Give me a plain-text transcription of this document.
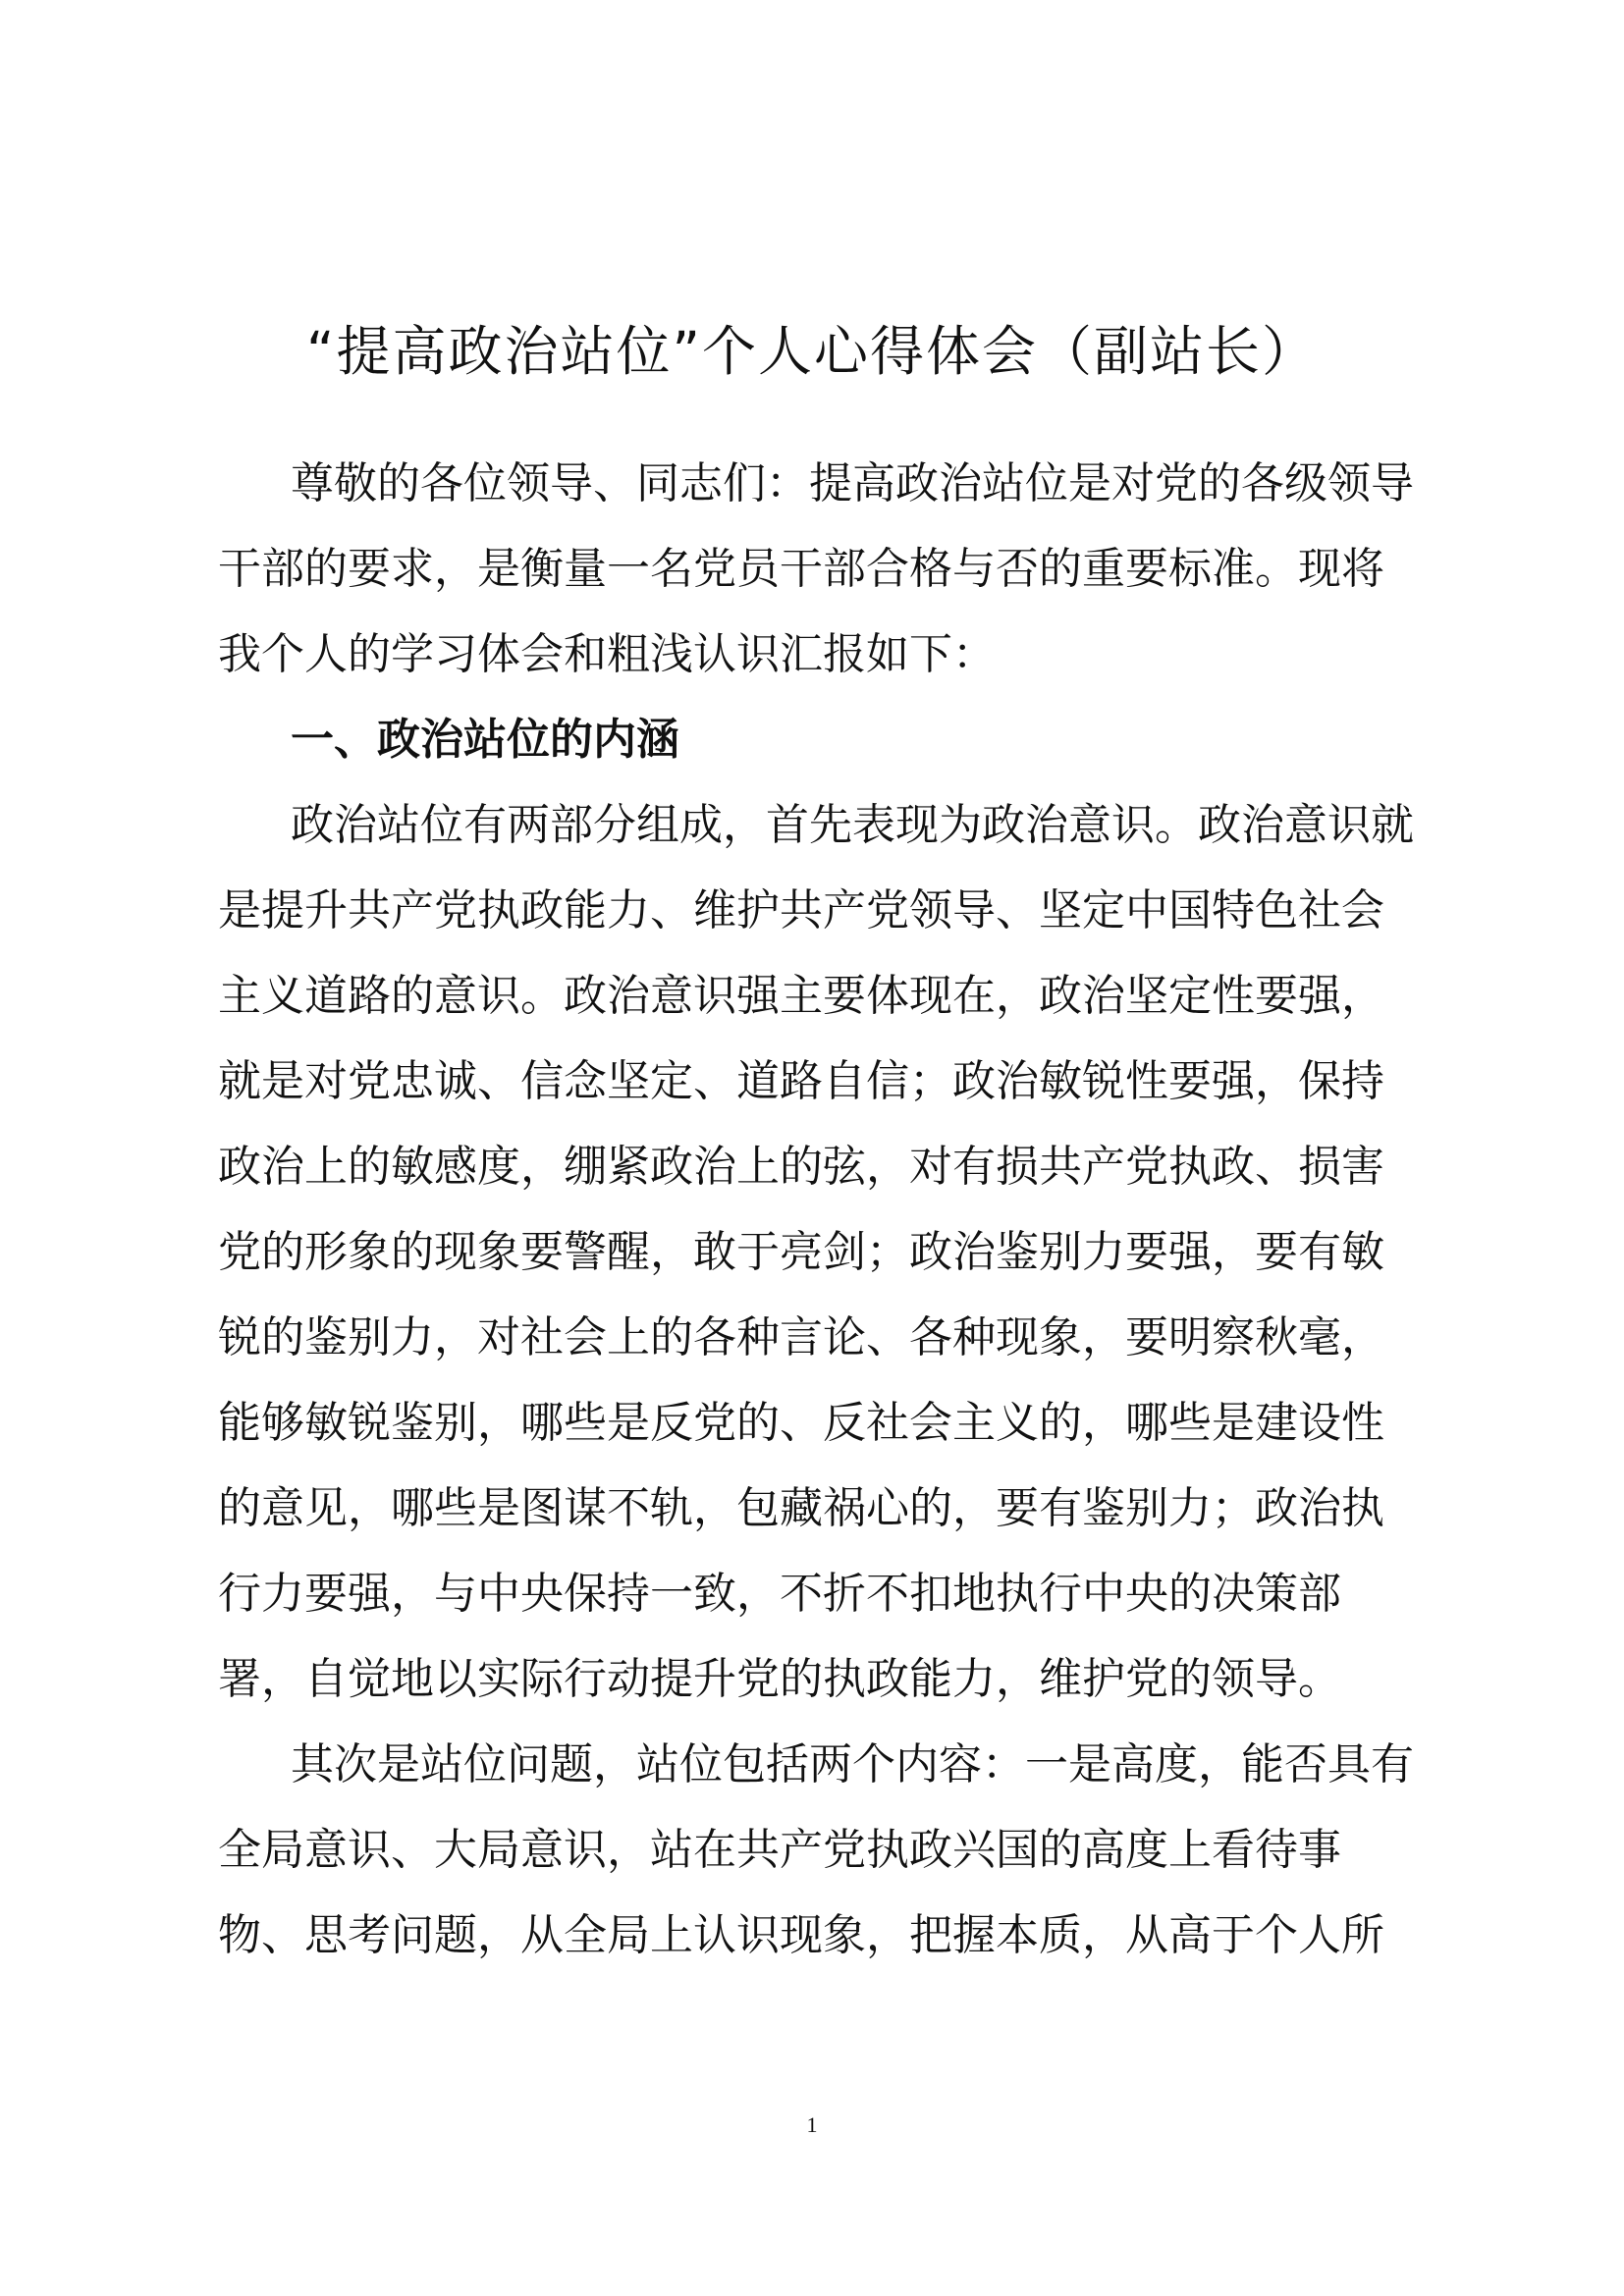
“提高政治站位”个人心得体会（副站长）
尊敬的各位领导、同志们：提高政治站位是对党的各级领导
干部的要求，是衡量一名党员干部合格与否的重要标准。现将
我个人的学习体会和粗浅认识汇报如下：
一、政治站位的内涵
政治站位有两部分组成，首先表现为政治意识。政治意识就
是提升共产党执政能力、维护共产党领导、坚定中国特色社会
主义道路的意识。政治意识强主要体现在，政治坚定性要强，
就是对党忠诚、信念坚定、道路自信；政治敏锐性要强，保持
政治上的敏感度，绷紧政治上的弦，对有损共产党执政、损害
党的形象的现象要警醒，敢于亮剑；政治鉴别力要强，要有敏
锐的鉴别力，对社会上的各种言论、各种现象，要明察秋毫，
能够敏锐鉴别，哪些是反党的、反社会主义的，哪些是建设性
的意见，哪些是图谋不轨，包藏祸心的，要有鉴别力；政治执
行力要强，与中央保持一致，不折不扣地执行中央的决策部
署，自觉地以实际行动提升党的执政能力，维护党的领导。
其次是站位问题，站位包括两个内容：一是高度，能否具有
全局意识、大局意识，站在共产党执政兴国的高度上看待事
物、思考问题，从全局上认识现象，把握本质，从高于个人所
1
